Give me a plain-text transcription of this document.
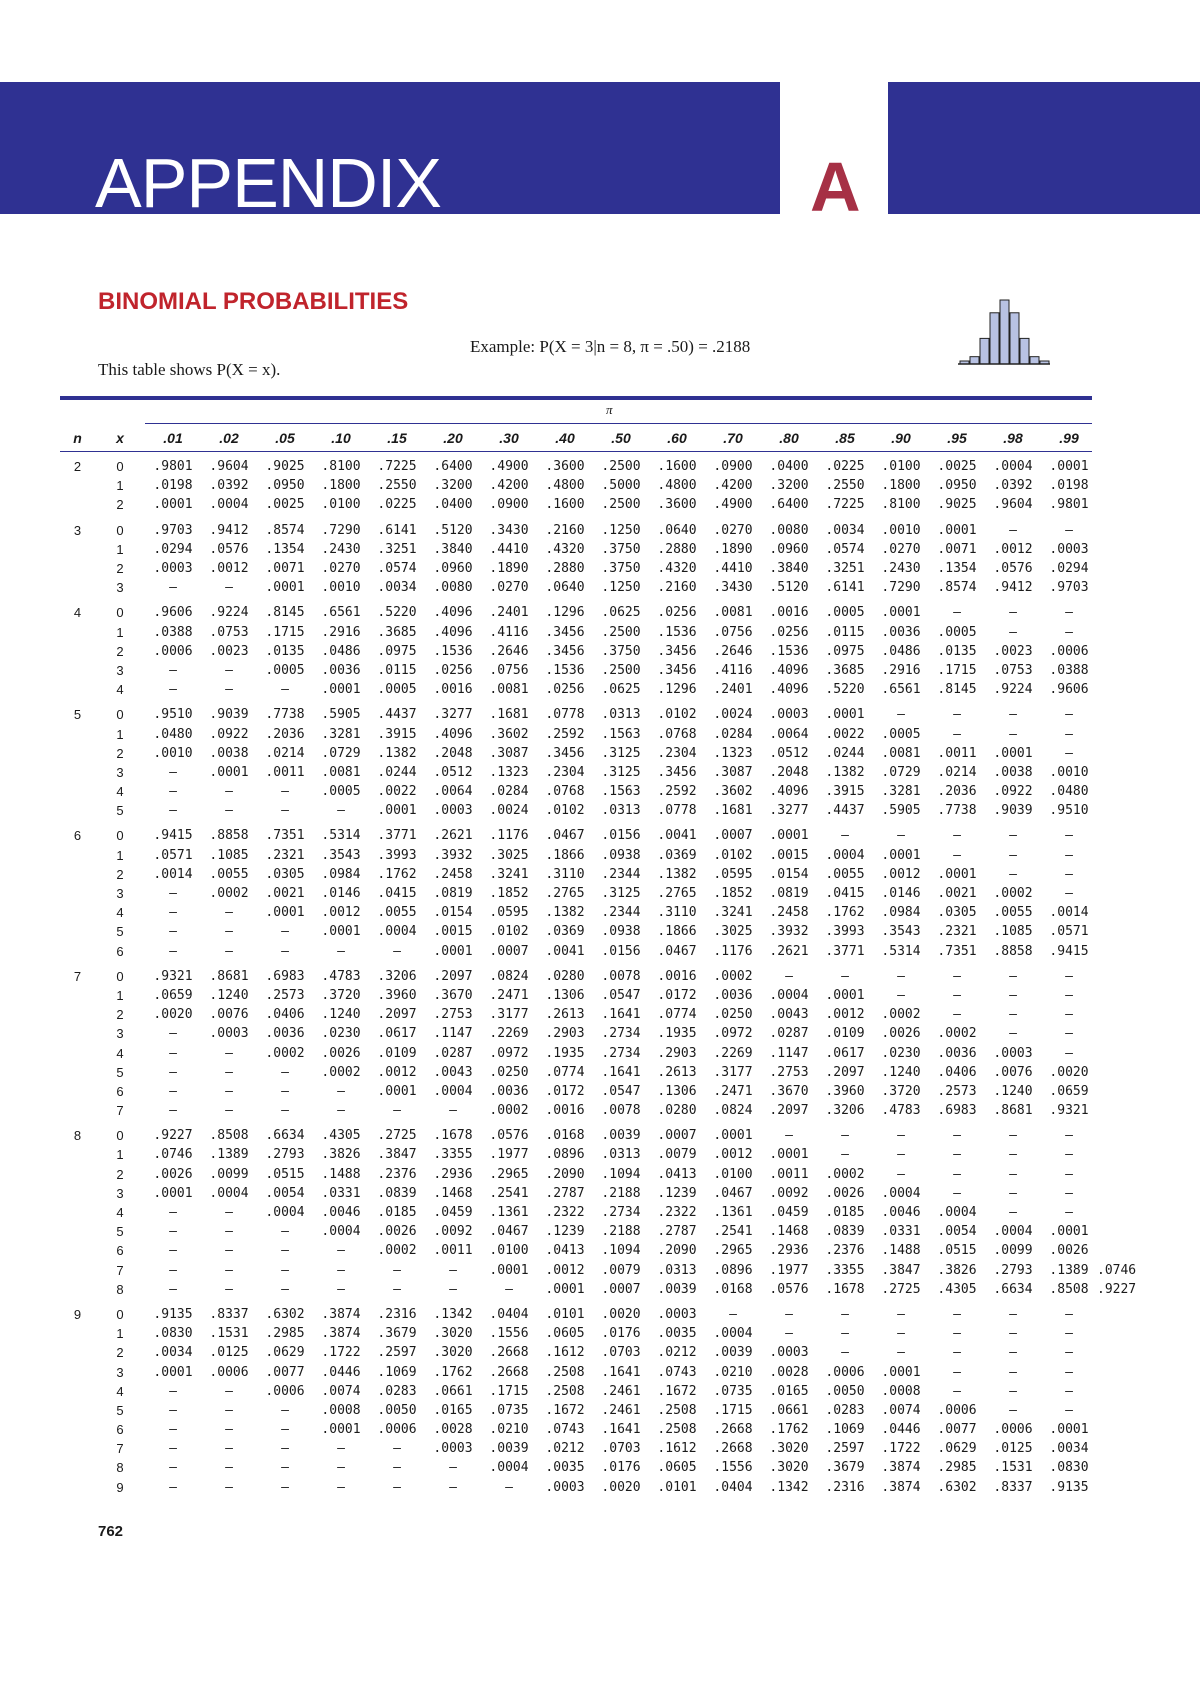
APPENDIX	A
BINOMIAL PROBABILITIES
Example: P(X = 3|n = 8, π = .50) = .2188
This table shows P(X = x).
π
n	x	.01	.02	.05	.10	.15	.20	.30	.40	.50	.60	.70	.80	.85	.90	.95	.98	.99	
2	0	.9801	.9604	.9025	.8100	.7225	.6400	.4900	.3600	.2500	.1600	.0900	.0400	.0225	.0100	.0025	.0004	.0001	
	1	.0198	.0392	.0950	.1800	.2550	.3200	.4200	.4800	.5000	.4800	.4200	.3200	.2550	.1800	.0950	.0392	.0198	
	2	.0001	.0004	.0025	.0100	.0225	.0400	.0900	.1600	.2500	.3600	.4900	.6400	.7225	.8100	.9025	.9604	.9801	
3	0	.9703	.9412	.8574	.7290	.6141	.5120	.3430	.2160	.1250	.0640	.0270	.0080	.0034	.0010	.0001	—	—	
	1	.0294	.0576	.1354	.2430	.3251	.3840	.4410	.4320	.3750	.2880	.1890	.0960	.0574	.0270	.0071	.0012	.0003	
	2	.0003	.0012	.0071	.0270	.0574	.0960	.1890	.2880	.3750	.4320	.4410	.3840	.3251	.2430	.1354	.0576	.0294	
	3	—	—	.0001	.0010	.0034	.0080	.0270	.0640	.1250	.2160	.3430	.5120	.6141	.7290	.8574	.9412	.9703	
4	0	.9606	.9224	.8145	.6561	.5220	.4096	.2401	.1296	.0625	.0256	.0081	.0016	.0005	.0001	—	—	—	
	1	.0388	.0753	.1715	.2916	.3685	.4096	.4116	.3456	.2500	.1536	.0756	.0256	.0115	.0036	.0005	—	—	
	2	.0006	.0023	.0135	.0486	.0975	.1536	.2646	.3456	.3750	.3456	.2646	.1536	.0975	.0486	.0135	.0023	.0006	
	3	—	—	.0005	.0036	.0115	.0256	.0756	.1536	.2500	.3456	.4116	.4096	.3685	.2916	.1715	.0753	.0388	
	4	—	—	—	.0001	.0005	.0016	.0081	.0256	.0625	.1296	.2401	.4096	.5220	.6561	.8145	.9224	.9606	
5	0	.9510	.9039	.7738	.5905	.4437	.3277	.1681	.0778	.0313	.0102	.0024	.0003	.0001	—	—	—	—	
	1	.0480	.0922	.2036	.3281	.3915	.4096	.3602	.2592	.1563	.0768	.0284	.0064	.0022	.0005	—	—	—	
	2	.0010	.0038	.0214	.0729	.1382	.2048	.3087	.3456	.3125	.2304	.1323	.0512	.0244	.0081	.0011	.0001	—	
	3	—	.0001	.0011	.0081	.0244	.0512	.1323	.2304	.3125	.3456	.3087	.2048	.1382	.0729	.0214	.0038	.0010	
	4	—	—	—	.0005	.0022	.0064	.0284	.0768	.1563	.2592	.3602	.4096	.3915	.3281	.2036	.0922	.0480	
	5	—	—	—	—	.0001	.0003	.0024	.0102	.0313	.0778	.1681	.3277	.4437	.5905	.7738	.9039	.9510	
6	0	.9415	.8858	.7351	.5314	.3771	.2621	.1176	.0467	.0156	.0041	.0007	.0001	—	—	—	—	—	
	1	.0571	.1085	.2321	.3543	.3993	.3932	.3025	.1866	.0938	.0369	.0102	.0015	.0004	.0001	—	—	—	
	2	.0014	.0055	.0305	.0984	.1762	.2458	.3241	.3110	.2344	.1382	.0595	.0154	.0055	.0012	.0001	—	—	
	3	—	.0002	.0021	.0146	.0415	.0819	.1852	.2765	.3125	.2765	.1852	.0819	.0415	.0146	.0021	.0002	—	
	4	—	—	.0001	.0012	.0055	.0154	.0595	.1382	.2344	.3110	.3241	.2458	.1762	.0984	.0305	.0055	.0014	
	5	—	—	—	.0001	.0004	.0015	.0102	.0369	.0938	.1866	.3025	.3932	.3993	.3543	.2321	.1085	.0571	
	6	—	—	—	—	—	.0001	.0007	.0041	.0156	.0467	.1176	.2621	.3771	.5314	.7351	.8858	.9415	
7	0	.9321	.8681	.6983	.4783	.3206	.2097	.0824	.0280	.0078	.0016	.0002	—	—	—	—	—	—	
	1	.0659	.1240	.2573	.3720	.3960	.3670	.2471	.1306	.0547	.0172	.0036	.0004	.0001	—	—	—	—	
	2	.0020	.0076	.0406	.1240	.2097	.2753	.3177	.2613	.1641	.0774	.0250	.0043	.0012	.0002	—	—	—	
	3	—	.0003	.0036	.0230	.0617	.1147	.2269	.2903	.2734	.1935	.0972	.0287	.0109	.0026	.0002	—	—	
	4	—	—	.0002	.0026	.0109	.0287	.0972	.1935	.2734	.2903	.2269	.1147	.0617	.0230	.0036	.0003	—	
	5	—	—	—	.0002	.0012	.0043	.0250	.0774	.1641	.2613	.3177	.2753	.2097	.1240	.0406	.0076	.0020	
	6	—	—	—	—	.0001	.0004	.0036	.0172	.0547	.1306	.2471	.3670	.3960	.3720	.2573	.1240	.0659	
	7	—	—	—	—	—	—	.0002	.0016	.0078	.0280	.0824	.2097	.3206	.4783	.6983	.8681	.9321	
8	0	.9227	.8508	.6634	.4305	.2725	.1678	.0576	.0168	.0039	.0007	.0001	—	—	—	—	—	—	
	1	.0746	.1389	.2793	.3826	.3847	.3355	.1977	.0896	.0313	.0079	.0012	.0001	—	—	—	—	—	
	2	.0026	.0099	.0515	.1488	.2376	.2936	.2965	.2090	.1094	.0413	.0100	.0011	.0002	—	—	—	—	
	3	.0001	.0004	.0054	.0331	.0839	.1468	.2541	.2787	.2188	.1239	.0467	.0092	.0026	.0004	—	—	—	
	4	—	—	.0004	.0046	.0185	.0459	.1361	.2322	.2734	.2322	.1361	.0459	.0185	.0046	.0004	—	—	
	5	—	—	—	.0004	.0026	.0092	.0467	.1239	.2188	.2787	.2541	.1468	.0839	.0331	.0054	.0004	.0001	
	6	—	—	—	—	.0002	.0011	.0100	.0413	.1094	.2090	.2965	.2936	.2376	.1488	.0515	.0099	.0026	
	7	—	—	—	—	—	—	.0001	.0012	.0079	.0313	.0896	.1977	.3355	.3847	.3826	.2793	.1389	.0746
	8	—	—	—	—	—	—	—	.0001	.0007	.0039	.0168	.0576	.1678	.2725	.4305	.6634	.8508	.9227
9	0	.9135	.8337	.6302	.3874	.2316	.1342	.0404	.0101	.0020	.0003	—	—	—	—	—	—	—	
	1	.0830	.1531	.2985	.3874	.3679	.3020	.1556	.0605	.0176	.0035	.0004	—	—	—	—	—	—	
	2	.0034	.0125	.0629	.1722	.2597	.3020	.2668	.1612	.0703	.0212	.0039	.0003	—	—	—	—	—	
	3	.0001	.0006	.0077	.0446	.1069	.1762	.2668	.2508	.1641	.0743	.0210	.0028	.0006	.0001	—	—	—	
	4	—	—	.0006	.0074	.0283	.0661	.1715	.2508	.2461	.1672	.0735	.0165	.0050	.0008	—	—	—	
	5	—	—	—	.0008	.0050	.0165	.0735	.1672	.2461	.2508	.1715	.0661	.0283	.0074	.0006	—	—	
	6	—	—	—	.0001	.0006	.0028	.0210	.0743	.1641	.2508	.2668	.1762	.1069	.0446	.0077	.0006	.0001	
	7	—	—	—	—	—	.0003	.0039	.0212	.0703	.1612	.2668	.3020	.2597	.1722	.0629	.0125	.0034	
	8	—	—	—	—	—	—	.0004	.0035	.0176	.0605	.1556	.3020	.3679	.3874	.2985	.1531	.0830	
	9	—	—	—	—	—	—	—	.0003	.0020	.0101	.0404	.1342	.2316	.3874	.6302	.8337	.9135	
762
